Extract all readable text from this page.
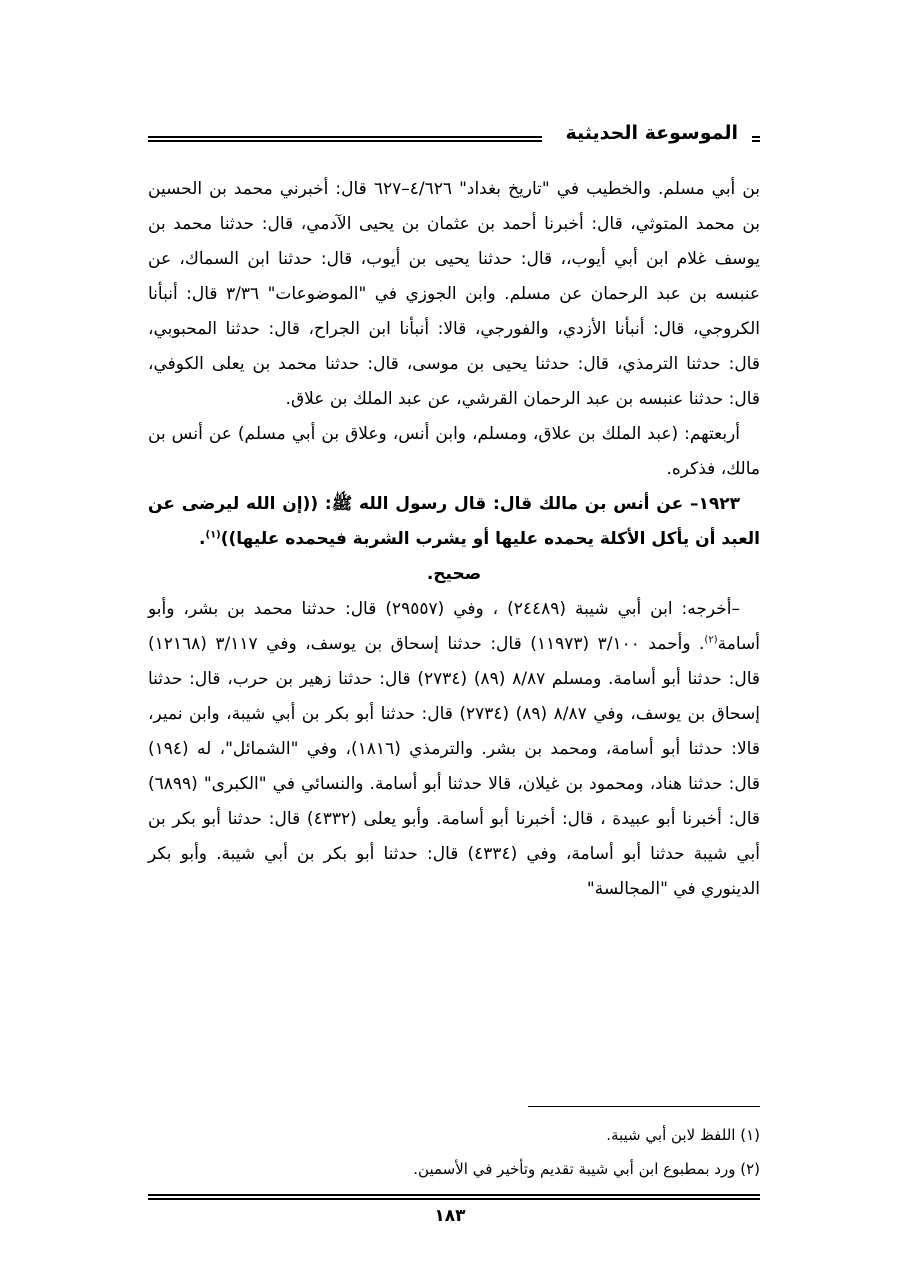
الموسوعة الحديثية

بن أبي مسلم. والخطيب في "تاريخ بغداد" ٤/٦٢٦–٦٢٧ قال: أخبرني محمد بن الحسين بن محمد المتوثي، قال: أخبرنا أحمد بن عثمان بن يحيى الآدمي، قال: حدثنا محمد بن يوسف غلام ابن أبي أيوب،، قال: حدثنا يحيى بن أيوب، قال: حدثنا ابن السماك، عن عنبسه بن عبد الرحمان عن مسلم. وابن الجوزي في "الموضوعات" ٣/٣٦ قال: أنبأنا الكروجي، قال: أنبأنا الأزدي، والفورجي، قالا: أنبأنا ابن الجراح، قال: حدثنا المحبوبي، قال: حدثنا الترمذي، قال: حدثنا يحيى بن موسى، قال: حدثنا محمد بن يعلى الكوفي، قال: حدثنا عنبسه بن عبد الرحمان القرشي، عن عبد الملك بن علاق.

أربعتهم: (عبد الملك بن علاق، ومسلم، وابن أنس، وعلاق بن أبي مسلم) عن أنس بن مالك، فذكره.

١٩٢٣– عن أنس بن مالك قال: قال رسول الله ﷺ: ((إن الله ليرضى عن العبد أن يأكل الأكلة يحمده عليها أو يشرب الشربة فيحمده عليها))$^{(١)}$.

صحيح.

–أخرجه: ابن أبي شيبة (٢٤٤٨٩) ، وفي (٢٩٥٥٧) قال: حدثنا محمد بن بشر، وأبو أسامة$^{(٢)}$. وأحمد ٣/١٠٠ (١١٩٧٣) قال: حدثنا إسحاق بن يوسف، وفي ٣/١١٧ (١٢١٦٨) قال: حدثنا أبو أسامة. ومسلم ٨/٨٧ (٨٩) (٢٧٣٤) قال: حدثنا زهير بن حرب، قال: حدثنا إسحاق بن يوسف، وفي ٨/٨٧ (٨٩) (٢٧٣٤) قال: حدثنا أبو بكر بن أبي شيبة، وابن نمير، قالا: حدثنا أبو أسامة، ومحمد بن بشر. والترمذي (١٨١٦)، وفي "الشمائل"، له (١٩٤) قال: حدثنا هناد، ومحمود بن غيلان، قالا حدثنا أبو أسامة. والنسائي في "الكبرى" (٦٨٩٩) قال: أخبرنا أبو عبيدة ، قال: أخبرنا أبو أسامة. وأبو يعلى (٤٣٣٢) قال: حدثنا أبو بكر بن أبي شيبة حدثنا أبو أسامة، وفي (٤٣٣٤) قال: حدثنا أبو بكر بن أبي شيبة. وأبو بكر الدينوري في "المجالسة"

(١) اللفظ لابن أبي شيبة.

(٢) ورد بمطبوع ابن أبي شيبة تقديم وتأخير في الأسمين.

١٨٣
